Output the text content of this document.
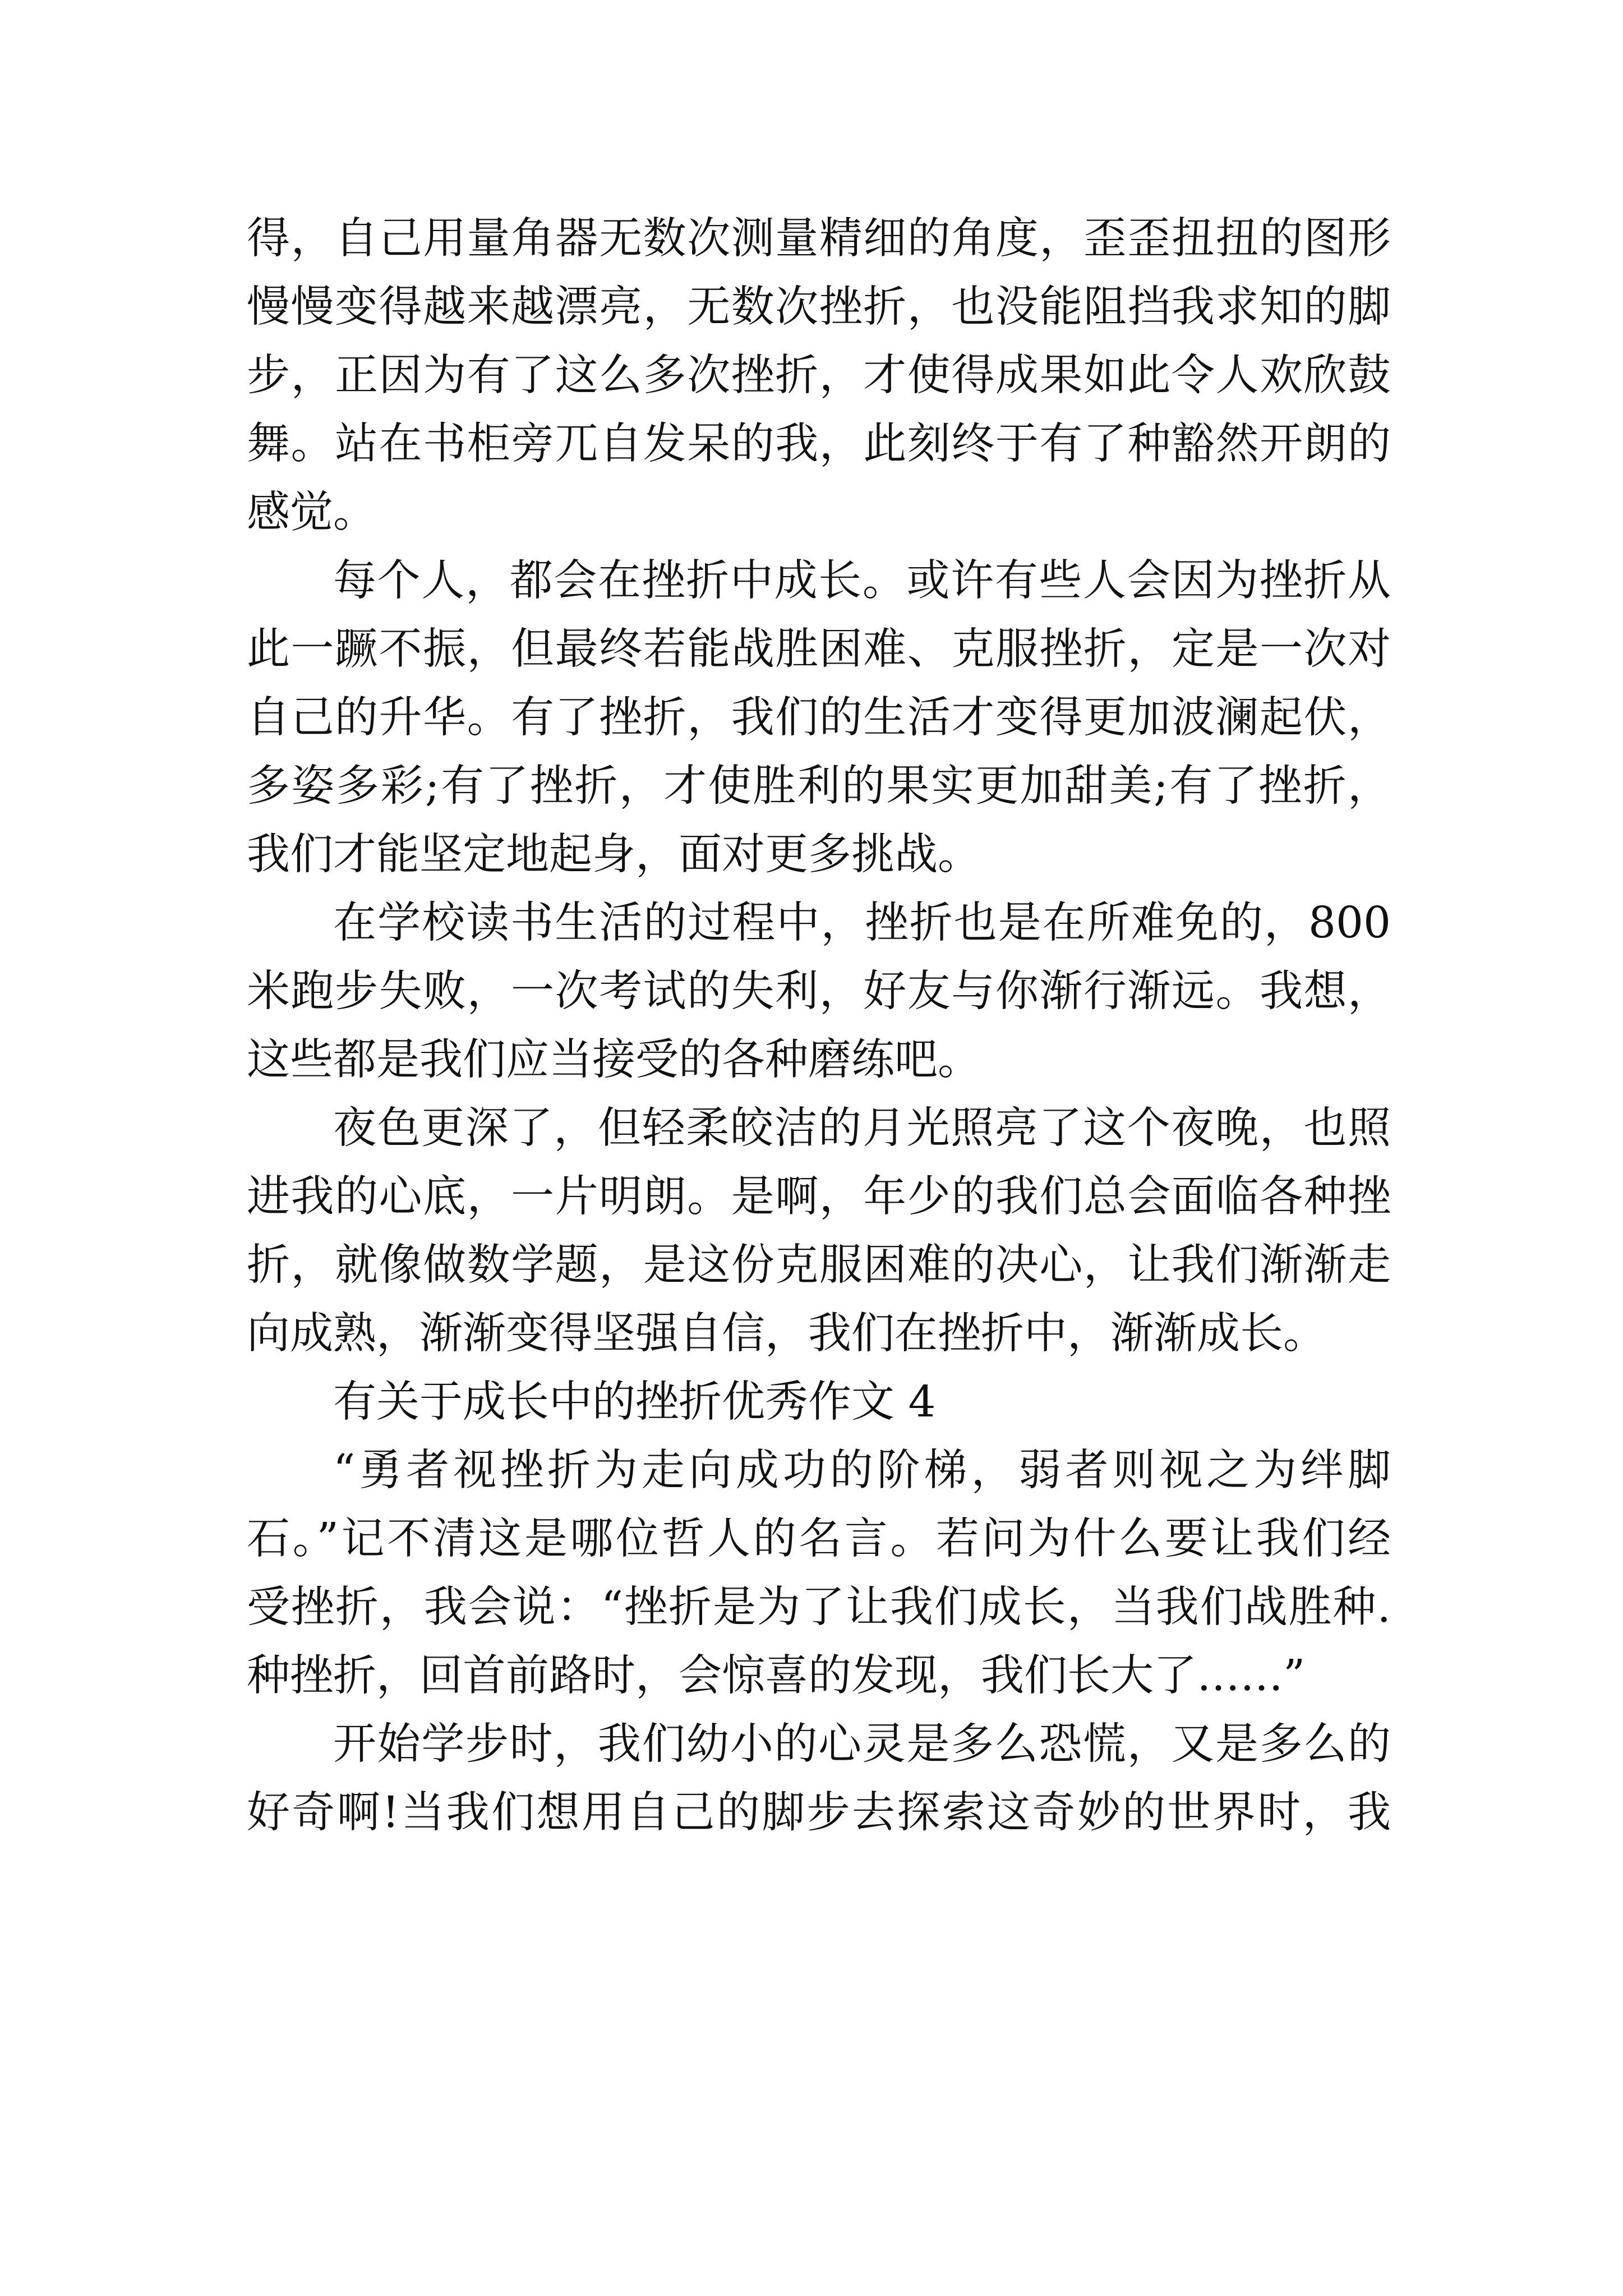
得，自己用量角器无数次测量精细的角度，歪歪扭扭的图形
慢慢变得越来越漂亮，无数次挫折，也没能阻挡我求知的脚
步，正因为有了这么多次挫折，才使得成果如此令人欢欣鼓
舞。站在书柜旁兀自发呆的我，此刻终于有了种豁然开朗的
感觉。
每个人，都会在挫折中成长。或许有些人会因为挫折从
此一蹶不振，但最终若能战胜困难、克服挫折，定是一次对
自己的升华。有了挫折，我们的生活才变得更加波澜起伏，
多姿多彩;有了挫折，才使胜利的果实更加甜美;有了挫折，
我们才能坚定地起身，面对更多挑战。
在学校读书生活的过程中，挫折也是在所难免的，800
米跑步失败，一次考试的失利，好友与你渐行渐远。我想，
这些都是我们应当接受的各种磨练吧。
夜色更深了，但轻柔皎洁的月光照亮了这个夜晚，也照
进我的心底，一片明朗。是啊，年少的我们总会面临各种挫
折，就像做数学题，是这份克服困难的决心，让我们渐渐走
向成熟，渐渐变得坚强自信，我们在挫折中，渐渐成长。
有关于成长中的挫折优秀作文 4
“勇者视挫折为走向成功的阶梯，弱者则视之为绊脚
石。”记不清这是哪位哲人的名言。若问为什么要让我们经
受挫折，我会说：“挫折是为了让我们成长，当我们战胜种.
种挫折，回首前路时，会惊喜的发现，我们长大了……”
开始学步时，我们幼小的心灵是多么恐慌，又是多么的
好奇啊!当我们想用自己的脚步去探索这奇妙的世界时，我
